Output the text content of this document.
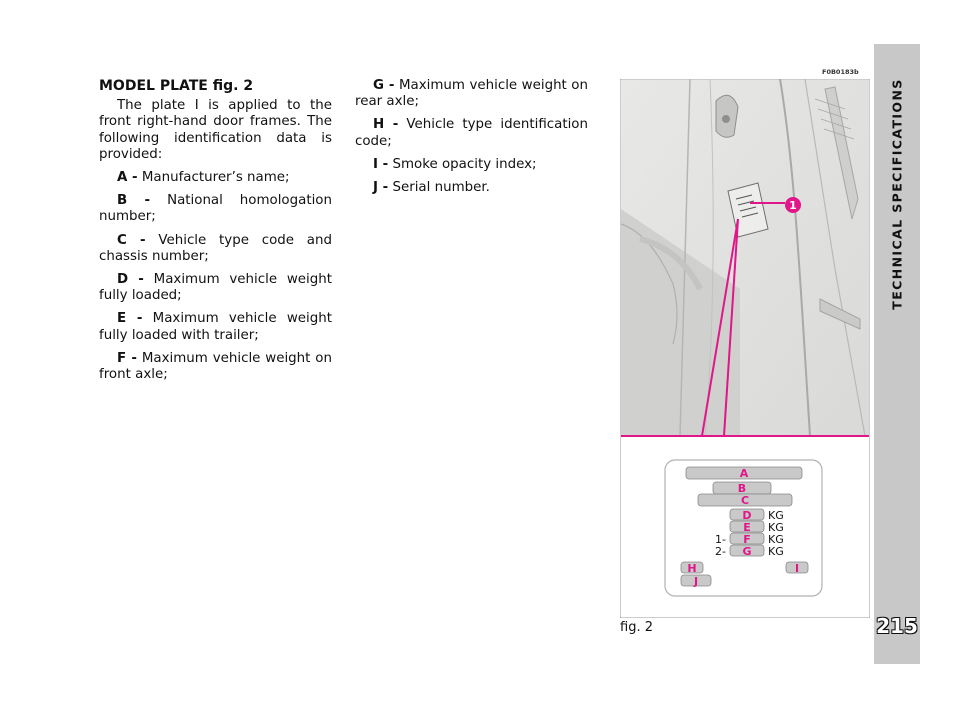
TECHNICAL SPECIFICATIONS
215

MODEL PLATE fig. 2

The plate I is applied to the front right-hand door frames. The following identification data is provided:

A - Manufacturer’s name;

B - National homologation number;

C - Vehicle type code and chassis number;

D - Maximum vehicle weight fully loaded;

E - Maximum vehicle weight fully loaded with trailer;

F - Maximum vehicle weight on front axle;

G - Maximum vehicle weight on rear axle;

H - Vehicle type identification code;

I - Smoke opacity index;

J - Serial number.

F0B0183b
1
A
B
C
D
E
F
G
H	I
J
KG
KG
KG
KG
1-
2-
fig. 2
